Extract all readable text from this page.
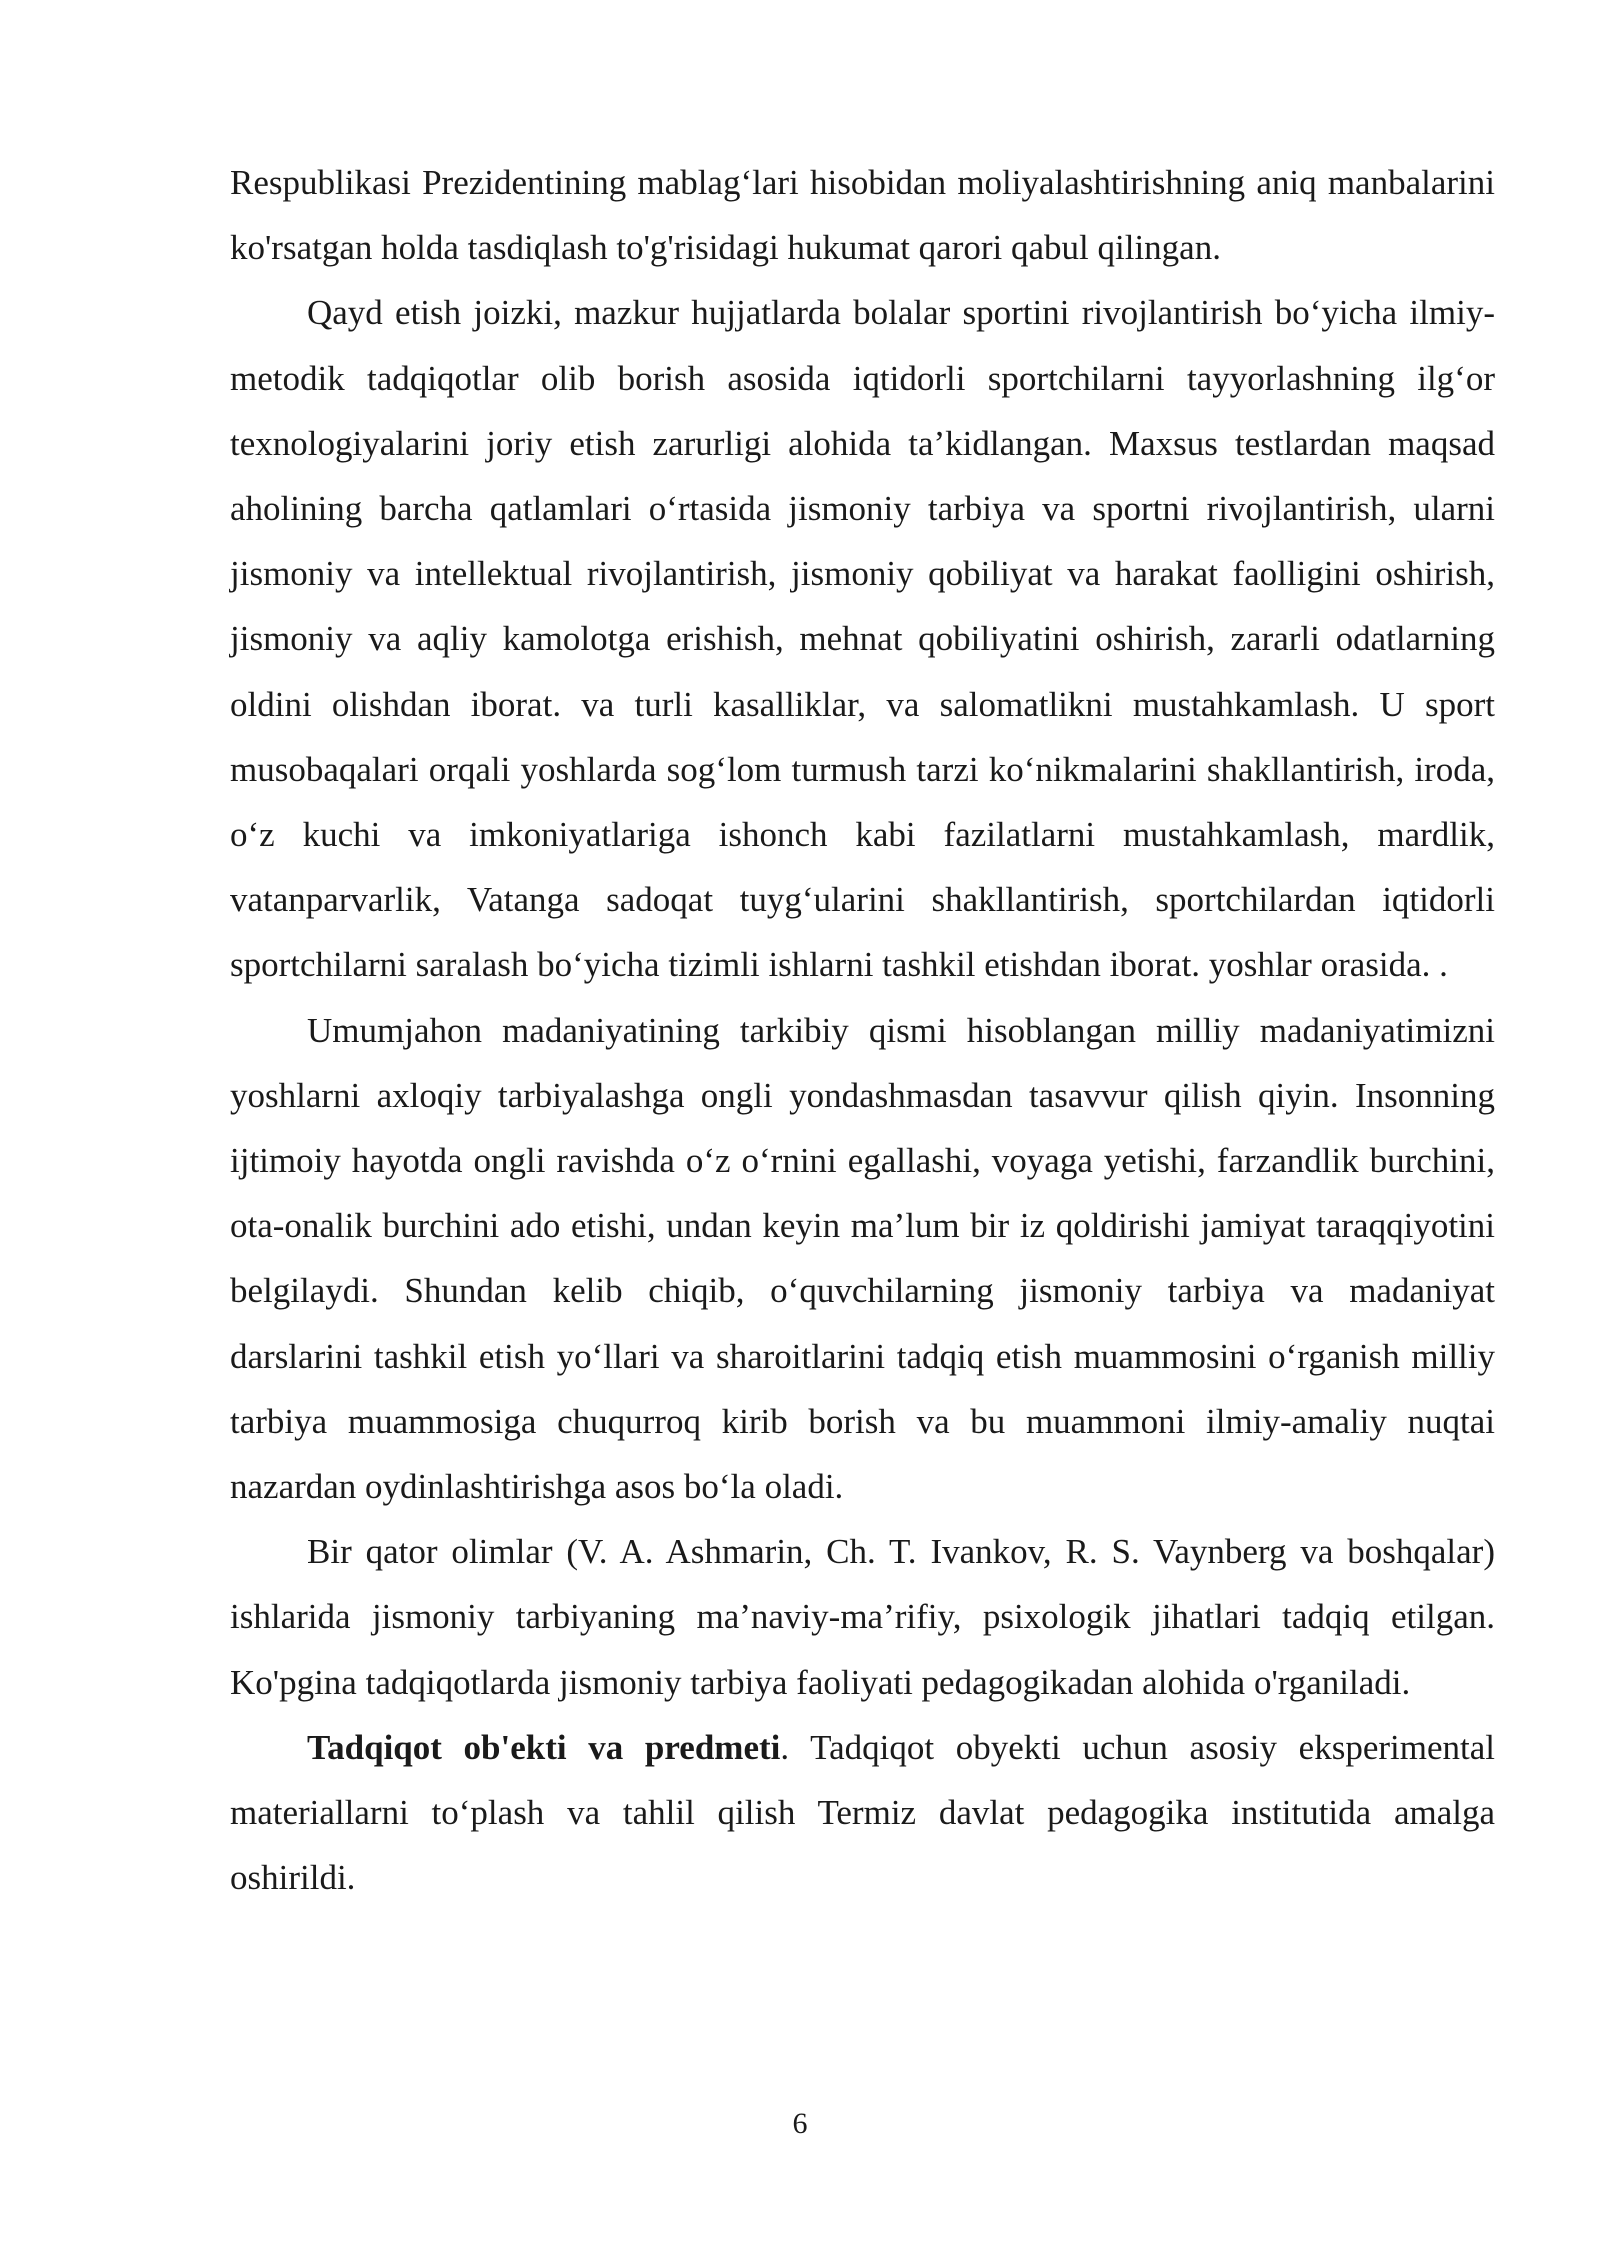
Respublikasi Prezidentining mablag‘lari hisobidan moliyalashtirishning aniq manbalarini ko'rsatgan holda tasdiqlash to'g'risidagi hukumat qarori qabul qilingan.

Qayd etish joizki, mazkur hujjatlarda bolalar sportini rivojlantirish bo‘yicha ilmiy-metodik tadqiqotlar olib borish asosida iqtidorli sportchilarni tayyorlashning ilg‘or texnologiyalarini joriy etish zarurligi alohida ta’kidlangan. Maxsus testlardan maqsad aholining barcha qatlamlari o‘rtasida jismoniy tarbiya va sportni rivojlantirish, ularni jismoniy va intellektual rivojlantirish, jismoniy qobiliyat va harakat faolligini oshirish, jismoniy va aqliy kamolotga erishish, mehnat qobiliyatini oshirish, zararli odatlarning oldini olishdan iborat. va turli kasalliklar, va salomatlikni mustahkamlash. U sport musobaqalari orqali yoshlarda sog‘lom turmush tarzi ko‘nikmalarini shakllantirish, iroda, o‘z kuchi va imkoniyatlariga ishonch kabi fazilatlarni mustahkamlash, mardlik, vatanparvarlik, Vatanga sadoqat tuyg‘ularini shakllantirish, sportchilardan iqtidorli sportchilarni saralash bo‘yicha tizimli ishlarni tashkil etishdan iborat. yoshlar orasida. .

Umumjahon madaniyatining tarkibiy qismi hisoblangan milliy madaniyatimizni yoshlarni axloqiy tarbiyalashga ongli yondashmasdan tasavvur qilish qiyin. Insonning ijtimoiy hayotda ongli ravishda o‘z o‘rnini egallashi, voyaga yetishi, farzandlik burchini, ota-onalik burchini ado etishi, undan keyin ma’lum bir iz qoldirishi jamiyat taraqqiyotini belgilaydi. Shundan kelib chiqib, o‘quvchilarning jismoniy tarbiya va madaniyat darslarini tashkil etish yo‘llari va sharoitlarini tadqiq etish muammosini o‘rganish milliy tarbiya muammosiga chuqurroq kirib borish va bu muammoni ilmiy-amaliy nuqtai nazardan oydinlashtirishga asos bo‘la oladi.

Bir qator olimlar (V. A. Ashmarin, Ch. T. Ivankov, R. S. Vaynberg va boshqalar) ishlarida jismoniy tarbiyaning ma’naviy-ma’rifiy, psixologik jihatlari tadqiq etilgan. Ko'pgina tadqiqotlarda jismoniy tarbiya faoliyati pedagogikadan alohida o'rganiladi.

Tadqiqot ob'ekti va predmeti. Tadqiqot obyekti uchun asosiy eksperimental materiallarni to‘plash va tahlil qilish Termiz davlat pedagogika institutida amalga oshirildi.

6
